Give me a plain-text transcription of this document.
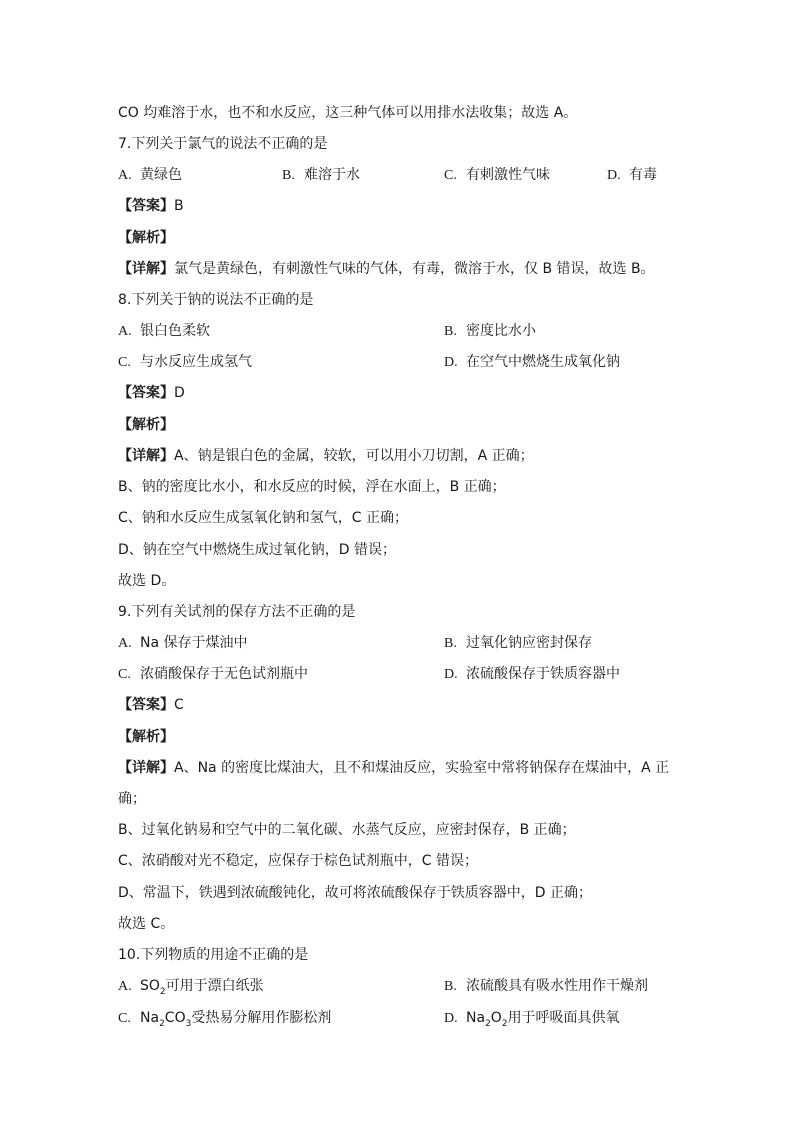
CO 均难溶于水，也不和水反应，这三种气体可以用排水法收集；故选 A。
7.下列关于氯气的说法不正确的是
A. 黄绿色	B. 难溶于水	C. 有刺激性气味	D. 有毒
【答案】B
【解析】
【详解】氯气是黄绿色，有刺激性气味的气体，有毒，微溶于水，仅 B 错误，故选 B。
8.下列关于钠的说法不正确的是
A. 银白色柔软	B. 密度比水小
C. 与水反应生成氢气	D. 在空气中燃烧生成氧化钠
【答案】D
【解析】
【详解】A、钠是银白色的金属，较软，可以用小刀切割，A 正确；
B、钠的密度比水小，和水反应的时候，浮在水面上，B 正确；
C、钠和水反应生成氢氧化钠和氢气，C 正确；
D、钠在空气中燃烧生成过氧化钠，D 错误；
故选 D。
9.下列有关试剂的保存方法不正确的是
A. Na 保存于煤油中	B. 过氧化钠应密封保存
C. 浓硝酸保存于无色试剂瓶中	D. 浓硫酸保存于铁质容器中
【答案】C
【解析】
【详解】A、Na 的密度比煤油大，且不和煤油反应，实验室中常将钠保存在煤油中，A 正
确；
B、过氧化钠易和空气中的二氧化碳、水蒸气反应，应密封保存，B 正确；
C、浓硝酸对光不稳定，应保存于棕色试剂瓶中，C 错误；
D、常温下，铁遇到浓硫酸钝化，故可将浓硫酸保存于铁质容器中，D 正确；
故选 C。
10.下列物质的用途不正确的是
A. $SO_2$可用于漂白纸张	B. 浓硫酸具有吸水性用作干燥剂
C. $Na_2CO_3$受热易分解用作膨松剂	D. $Na_2O_2$用于呼吸面具供氧
